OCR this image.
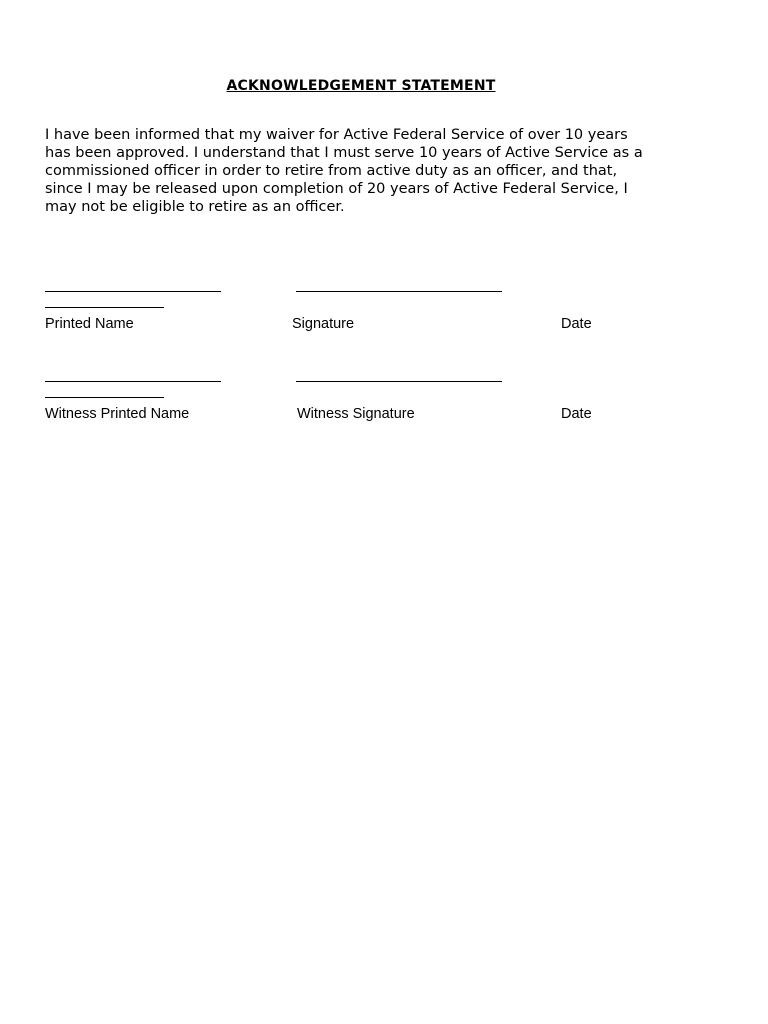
ACKNOWLEDGEMENT STATEMENT
I have been informed that my waiver for Active Federal Service of over 10 years
has been approved. I understand that I must serve 10 years of Active Service as a
commissioned officer in order to retire from active duty as an officer, and that,
since I may be released upon completion of 20 years of Active Federal Service, I
may not be eligible to retire as an officer.
Printed Name	Signature	Date
Witness Printed Name	Witness Signature	Date
